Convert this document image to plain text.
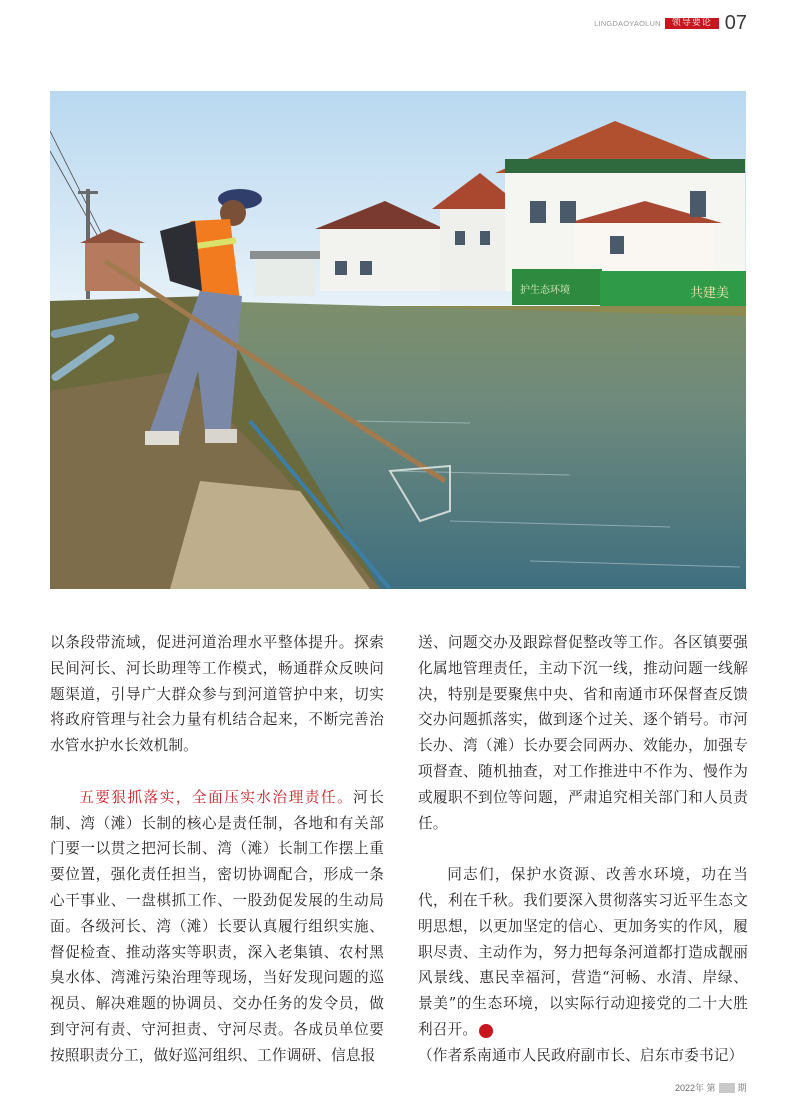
LINGDAOYAOLUN	领导要论 07
护生态环境	共建美

以条段带流域，促进河道治理水平整体提升。探索民间河长、河长助理等工作模式，畅通群众反映问题渠道，引导广大群众参与到河道管护中来，切实将政府管理与社会力量有机结合起来，不断完善治水管水护水长效机制。

五要狠抓落实，全面压实水治理责任。河长制、湾（滩）长制的核心是责任制，各地和有关部门要一以贯之把河长制、湾（滩）长制工作摆上重要位置，强化责任担当，密切协调配合，形成一条心干事业、一盘棋抓工作、一股劲促发展的生动局面。各级河长、湾（滩）长要认真履行组织实施、督促检查、推动落实等职责，深入老集镇、农村黑臭水体、湾滩污染治理等现场，当好发现问题的巡视员、解决难题的协调员、交办任务的发令员，做到守河有责、守河担责、守河尽责。各成员单位要按照职责分工，做好巡河组织、工作调研、信息报

送、问题交办及跟踪督促整改等工作。各区镇要强化属地管理责任，主动下沉一线，推动问题一线解决，特别是要聚焦中央、省和南通市环保督查反馈交办问题抓落实，做到逐个过关、逐个销号。市河长办、湾（滩）长办要会同两办、效能办，加强专项督查、随机抽查，对工作推进中不作为、慢作为或履职不到位等问题，严肃追究相关部门和人员责任。

同志们，保护水资源、改善水环境，功在当代，利在千秋。我们要深入贯彻落实习近平生态文明思想，以更加坚定的信心、更加务实的作风，履职尽责、主动作为，努力把每条河道都打造成靓丽风景线、惠民幸福河，营造“河畅、水清、岸绿、景美”的生态环境，以实际行动迎接党的二十大胜利召开。	終

（作者系南通市人民政府副市长、启东市委书记）

2022年 第 期
